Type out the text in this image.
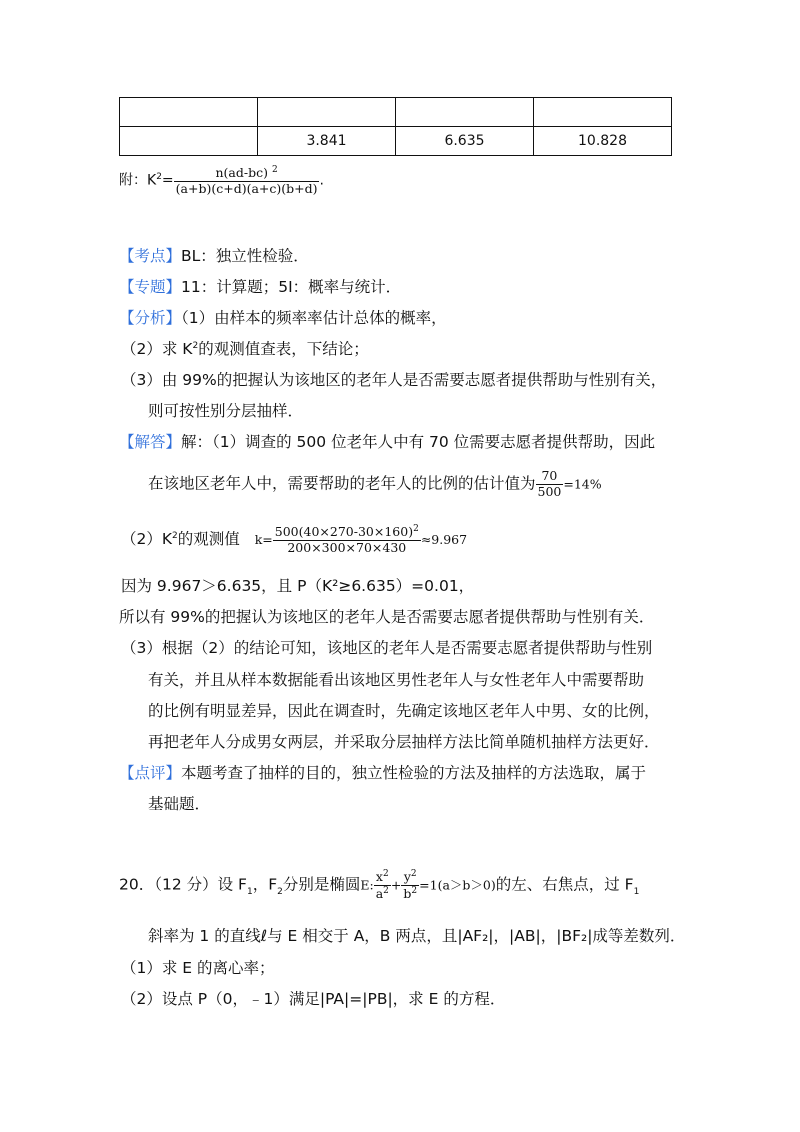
	3.841	6.635	10.828
附：$K^2= \frac{n(ad-bc) ^2}{(a+b)(c+d)(a+c)(b+d)}$ .
【考点】BL：独立性检验．
【专题】11：计算题；5I：概率与统计．
【分析】（1）由样本的频率率估计总体的概率，
（2）求 $K^2$的观测值查表，下结论；
（3）由 99%的把握认为该地区的老年人是否需要志愿者提供帮助与性别有关，
则可按性别分层抽样．
【解答】解：（1）调查的 500 位老年人中有 70 位需要志愿者提供帮助，因此
在该地区老年人中，需要帮助的老年人的比例的估计值为 $\frac{70}{500} =14\%$
$(2)K^2$的观测值 $k= \frac{500(40\times 270-30\times 160)^2}{200\times 300\times 70\times 430} \approx 9.967$
因为 9.967＞6.635，且 P（K²≥6.635）=0.01，
所以有 99%的把握认为该地区的老年人是否需要志愿者提供帮助与性别有关．
（3）根据（2）的结论可知，该地区的老年人是否需要志愿者提供帮助与性别
有关，并且从样本数据能看出该地区男性老年人与女性老年人中需要帮助
的比例有明显差异，因此在调查时，先确定该地区老年人中男、女的比例，
再把老年人分成男女两层，并采取分层抽样方法比简单随机抽样方法更好．
【点评】本题考查了抽样的目的，独立性检验的方法及抽样的方法选取，属于
基础题．
20．（12 分）设 $F_1$，$F_2$分别是椭圆E: $\frac{x^2}{a^2} + \frac{y^2}{b^2} =1(a>b>0)$的左、右焦点，过 $F_1$
斜率为 1 的直线ℓ与 E 相交于 A，B 两点，且|AF₂|，|AB|，|BF₂|成等差数列．
（1）求 E 的离心率；
（2）设点 P（0，﹣1）满足|PA|=|PB|，求 E 的方程．
